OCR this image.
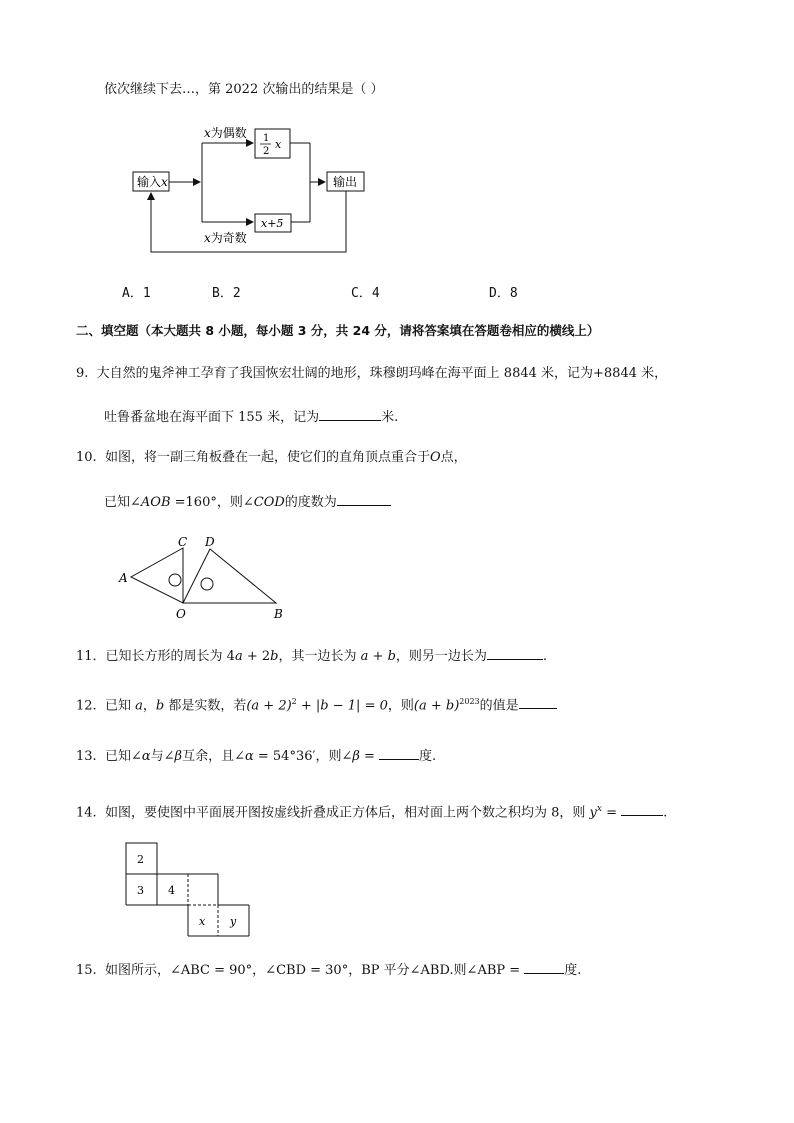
依次继续下去…，第 2022 次输出的结果是（ ）
输入x	输出
1
2
x
x+5
x为偶数
x为奇数
C D
A
O	B
2
3 4
x y
A．1	B．2	C．4	D．8
二、填空题（本大题共 8 小题，每小题 3 分，共 24 分，请将答案填在答题卷相应的横线上）
9. 大自然的鬼斧神工孕育了我国恢宏壮阔的地形，珠穆朗玛峰在海平面上 8844 米，记为+8844 米，
吐鲁番盆地在海平面下 155 米，记为	米.
10. 如图，将一副三角板叠在一起，使它们的直角顶点重合于O点，
已知∠AOB =160°，则∠COD的度数为
11．已知长方形的周长为 4a + 2b，其一边长为 a + b，则另一边长为	.
12. 已知 a，b 都是实数，若$(a + 2)^2 + |b - 1| = 0$，则$(a + b)^{2023}$的值是
13. 已知∠α与∠β互余，且∠α = 54°36′，则∠β =	度.
14. 如图，要使图中平面展开图按虚线折叠成正方体后，相对面上两个数之积均为 8，则 $y^x$ =	.
15. 如图所示，∠ABC = 90°，∠CBD = 30°，BP 平分∠ABD.则∠ABP =	度.
